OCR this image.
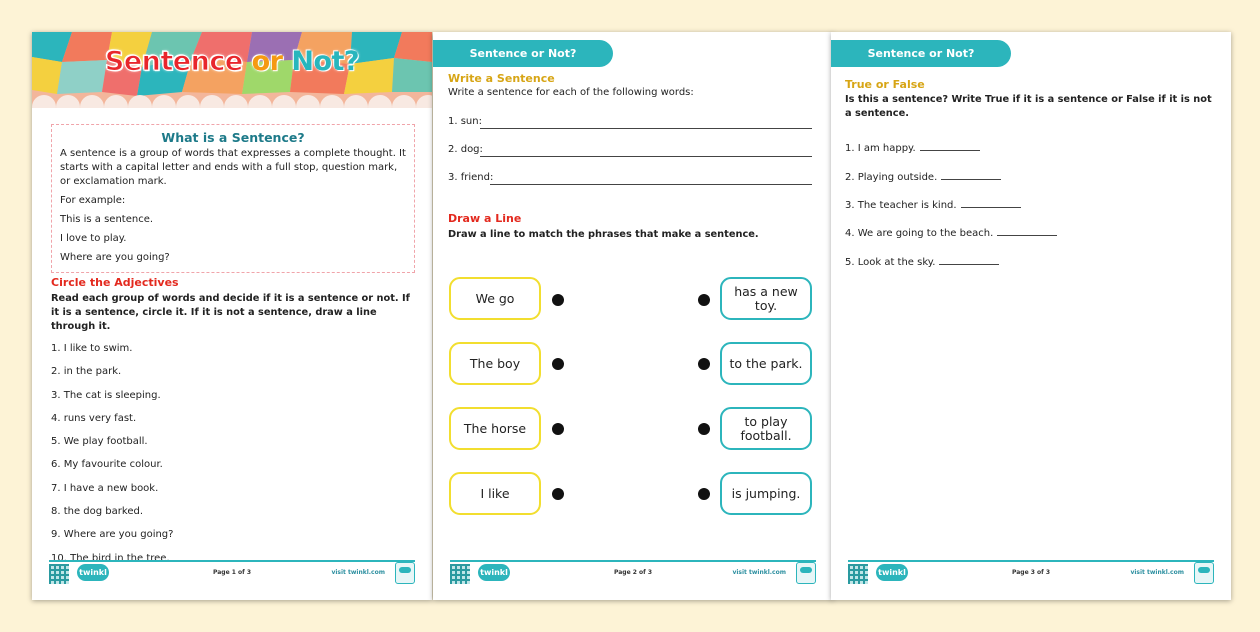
Sentence or Not?
What is a Sentence?
A sentence is a group of words that expresses a complete thought. It starts with a capital letter and ends with a full stop, question mark, or exclamation mark.
For example:
This is a sentence.
I love to play.
Where are you going?
Circle the Adjectives
Read each group of words and decide if it is a sentence or not. If it is a sentence, circle it. If it is not a sentence, draw a line through it.
1. I like to swim.
2. in the park.
3. The cat is sleeping.
4. runs very fast.
5. We play football.
6. My favourite colour.
7. I have a new book.
8. the dog barked.
9. Where are you going?
10. The bird in the tree.
twinkl	Page 1 of 3	visit twinkl.com
Sentence or Not?
Write a Sentence
Write a sentence for each of the following words:
1. sun:
2. dog:
3. friend:
Draw a Line
Draw a line to match the phrases that make a sentence.
We go
The boy
The horse
I like
has a new toy.
to the park.
to play football.
is jumping.
twinkl	Page 2 of 3	visit twinkl.com
Sentence or Not?
True or False
Is this a sentence? Write True if it is a sentence or False if it is not a sentence.
1. I am happy.
2. Playing outside.
3. The teacher is kind.
4. We are going to the beach.
5. Look at the sky.
twinkl	Page 3 of 3	visit twinkl.com
